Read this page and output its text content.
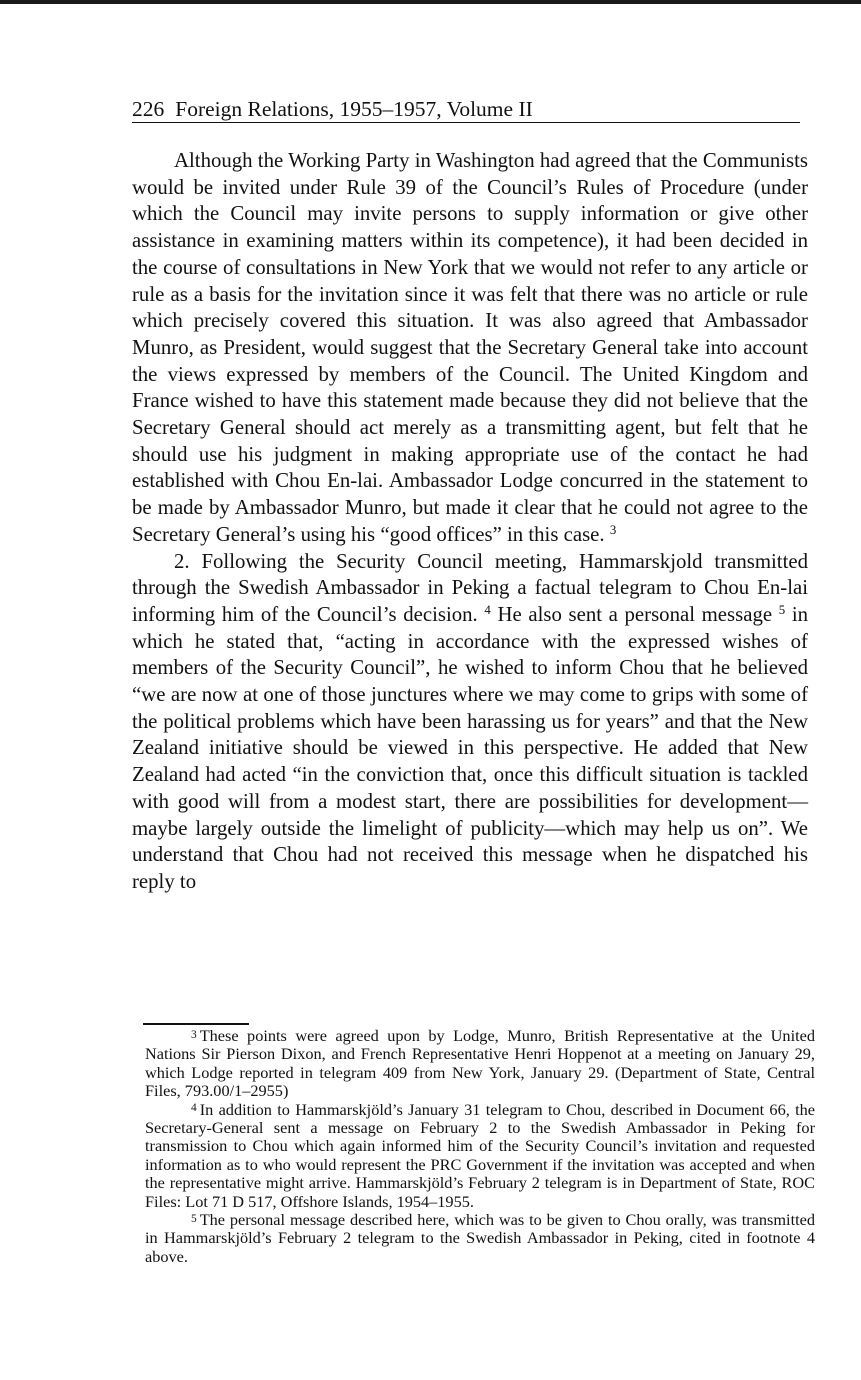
226 Foreign Relations, 1955–1957, Volume II

Although the Working Party in Washington had agreed that the Communists would be invited under Rule 39 of the Council’s Rules of Procedure (under which the Council may invite persons to supply information or give other assistance in examining matters within its competence), it had been decided in the course of consultations in New York that we would not refer to any article or rule as a basis for the invitation since it was felt that there was no article or rule which precisely covered this situation. It was also agreed that Ambassador Munro, as President, would suggest that the Secretary General take into account the views expressed by members of the Council. The United Kingdom and France wished to have this statement made because they did not believe that the Secretary General should act merely as a transmitting agent, but felt that he should use his judgment in making appropriate use of the contact he had established with Chou En-lai. Ambassador Lodge concurred in the statement to be made by Ambassador Munro, but made it clear that he could not agree to the Secretary General’s using his “good offices” in this case. $^3$

2. Following the Security Council meeting, Hammarskjold transmitted through the Swedish Ambassador in Peking a factual telegram to Chou En-lai informing him of the Council’s decision. $^4$ He also sent a personal message $^5$ in which he stated that, “acting in accordance with the expressed wishes of members of the Security Council”, he wished to inform Chou that he believed “we are now at one of those junctures where we may come to grips with some of the political problems which have been harassing us for years” and that the New Zealand initiative should be viewed in this perspective. He added that New Zealand had acted “in the conviction that, once this difficult situation is tackled with good will from a modest start, there are possibilities for development—maybe largely outside the limelight of publicity—which may help us on”. We understand that Chou had not received this message when he dispatched his reply to

$^3$ These points were agreed upon by Lodge, Munro, British Representative at the United Nations Sir Pierson Dixon, and French Representative Henri Hoppenot at a meeting on January 29, which Lodge reported in telegram 409 from New York, January 29. (Department of State, Central Files, 793.00/1–2955)

$^4$ In addition to Hammarskjöld’s January 31 telegram to Chou, described in Document 66, the Secretary-General sent a message on February 2 to the Swedish Ambassador in Peking for transmission to Chou which again informed him of the Security Council’s invitation and requested information as to who would represent the PRC Government if the invitation was accepted and when the representative might arrive. Hammarskjöld’s February 2 telegram is in Department of State, ROC Files: Lot 71 D 517, Offshore Islands, 1954–1955.

$^5$ The personal message described here, which was to be given to Chou orally, was transmitted in Hammarskjöld’s February 2 telegram to the Swedish Ambassador in Peking, cited in footnote 4 above.
